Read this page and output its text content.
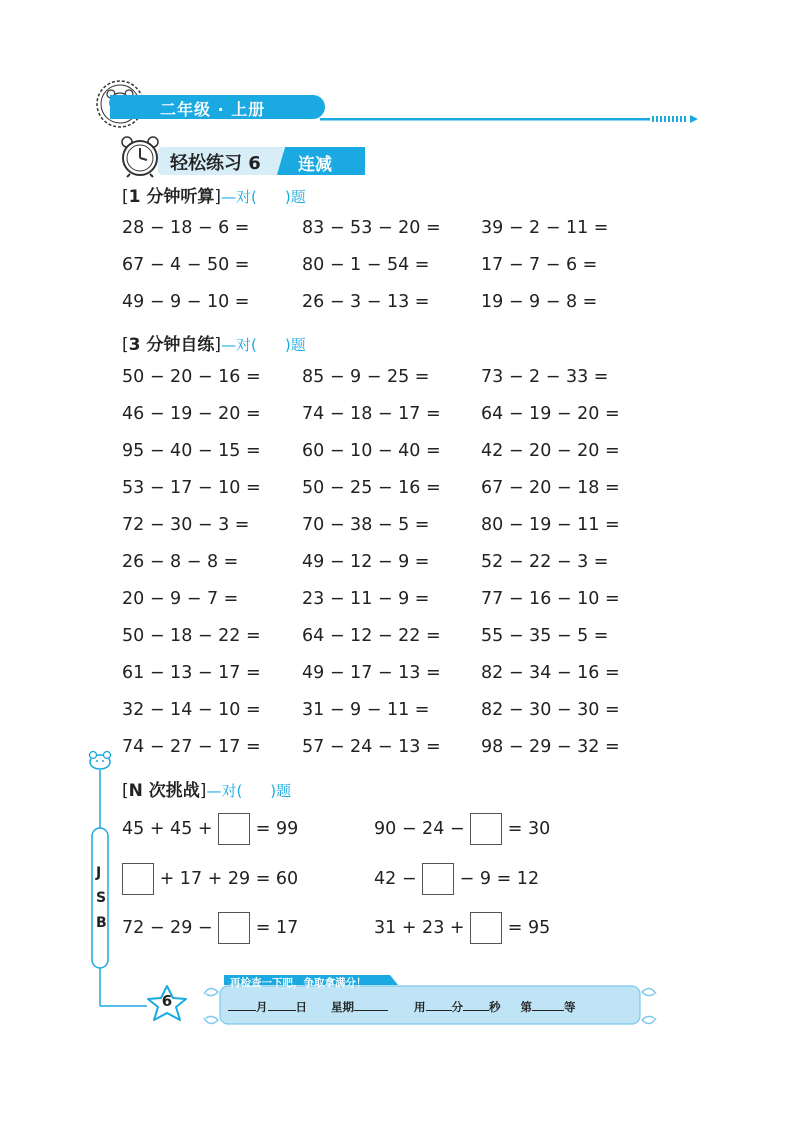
二年级 · 上册
轻松练习 6 连减
[1 分钟听算]—对( )题
28 − 18 − 6 =	83 − 53 − 20 = 39 − 2 − 11 =
67 − 4 − 50 =	80 − 1 − 54 =	17 − 7 − 6 =
49 − 9 − 10 =	26 − 3 − 13 =	19 − 9 − 8 =
[3 分钟自练]—对( )题
50 − 20 − 16 = 85 − 9 − 25 =	73 − 2 − 33 =
46 − 19 − 20 = 74 − 18 − 17 = 64 − 19 − 20 =
95 − 40 − 15 = 60 − 10 − 40 = 42 − 20 − 20 =
53 − 17 − 10 = 50 − 25 − 16 = 67 − 20 − 18 =
72 − 30 − 3 =	70 − 38 − 5 =	80 − 19 − 11 =
26 − 8 − 8 =	49 − 12 − 9 =	52 − 22 − 3 =
20 − 9 − 7 =	23 − 11 − 9 =	77 − 16 − 10 =
50 − 18 − 22 = 64 − 12 − 22 = 55 − 35 − 5 =
61 − 13 − 17 = 49 − 17 − 13 = 82 − 34 − 16 =
32 − 14 − 10 = 31 − 9 − 11 =	82 − 30 − 30 =
74 − 27 − 17 = 57 − 24 − 13 = 98 − 29 − 32 =
J
S
B
6
[N 次挑战]—对( )题
45 + 45 + = 99	90 − 24 − = 30
+ 17 + 29 = 60	42 − − 9 = 12
72 − 29 − = 17	31 + 23 + = 95
再检查一下吧，争取拿满分！
月 日 星期	用 分 秒 第	等
